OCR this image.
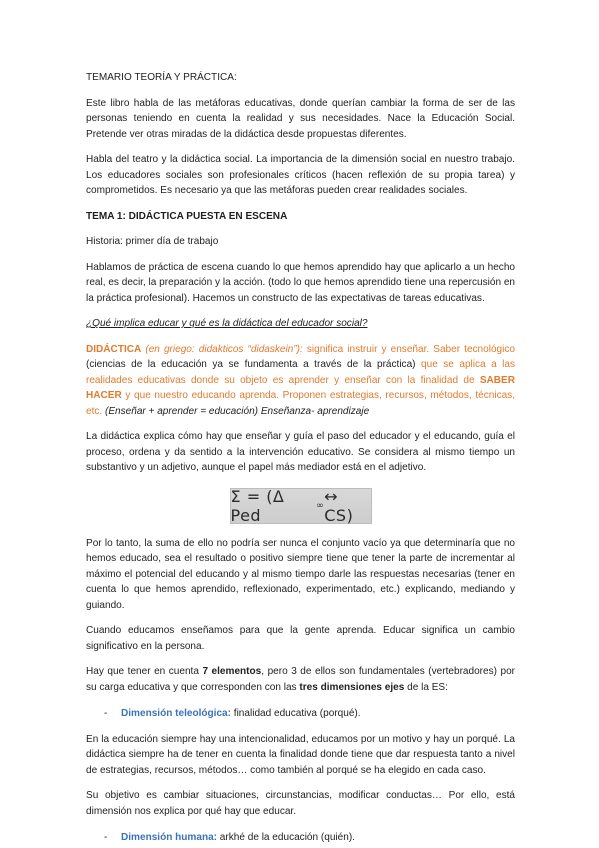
TEMARIO TEORÍA Y PRÁCTICA:

Este libro habla de las metáforas educativas, donde querían cambiar la forma de ser de las personas teniendo en cuenta la realidad y sus necesidades. Nace la Educación Social. Pretende ver otras miradas de la didáctica desde propuestas diferentes.

Habla del teatro y la didáctica social. La importancia de la dimensión social en nuestro trabajo. Los educadores sociales son profesionales críticos (hacen reflexión de su propia tarea) y comprometidos. Es necesario ya que las metáforas pueden crear realidades sociales.

TEMA 1: DIDÁCTICA PUESTA EN ESCENA

Historia: primer día de trabajo

Hablamos de práctica de escena cuando lo que hemos aprendido hay que aplicarlo a un hecho real, es decir, la preparación y la acción. (todo lo que hemos aprendido tiene una repercusión en la práctica profesional). Hacemos un constructo de las expectativas de tareas educativas.

¿Qué implica educar y qué es la didáctica del educador social?

DIDÁCTICA (en griego: didakticos “didaskein”): significa instruir y enseñar. Saber tecnológico (ciencias de la educación ya se fundamenta a través de la práctica) que se aplica a las realidades educativas donde su objeto es aprender y enseñar con la finalidad de SABER HACER y que nuestro educando aprenda. Proponen estrategias, recursos, métodos, técnicas, etc. (Enseñar + aprender = educación) Enseñanza- aprendizaje

La didáctica explica cómo hay que enseñar y guía el paso del educador y el educando, guía el proceso, ordena y da sentido a la intervención educativo. Se considera al mismo tiempo un substantivo y un adjetivo, aunque el papel más mediador está en el adjetivo.

Σ = (Δ Ped	∞ ↔ CS)

Por lo tanto, la suma de ello no podría ser nunca el conjunto vacío ya que determinaría que no hemos educado, sea el resultado o positivo siempre tiene que tener la parte de incrementar al máximo el potencial del educando y al mismo tiempo darle las respuestas necesarias (tener en cuenta lo que hemos aprendido, reflexionado, experimentado, etc.) explicando, mediando y guiando.

Cuando educamos enseñamos para que la gente aprenda. Educar significa un cambio significativo en la persona.

Hay que tener en cuenta 7 elementos, pero 3 de ellos son fundamentales (vertebradores) por su carga educativa y que corresponden con las tres dimensiones ejes de la ES:

- Dimensión teleológica: finalidad educativa (porqué).

En la educación siempre hay una intencionalidad, educamos por un motivo y hay un porqué. La didáctica siempre ha de tener en cuenta la finalidad donde tiene que dar respuesta tanto a nivel de estrategias, recursos, métodos… como también al porqué se ha elegido en cada caso.

Su objetivo es cambiar situaciones, circunstancias, modificar conductas… Por ello, está dimensión nos explica por qué hay que educar.

- Dimensión humana: arkhé de la educación (quién).
